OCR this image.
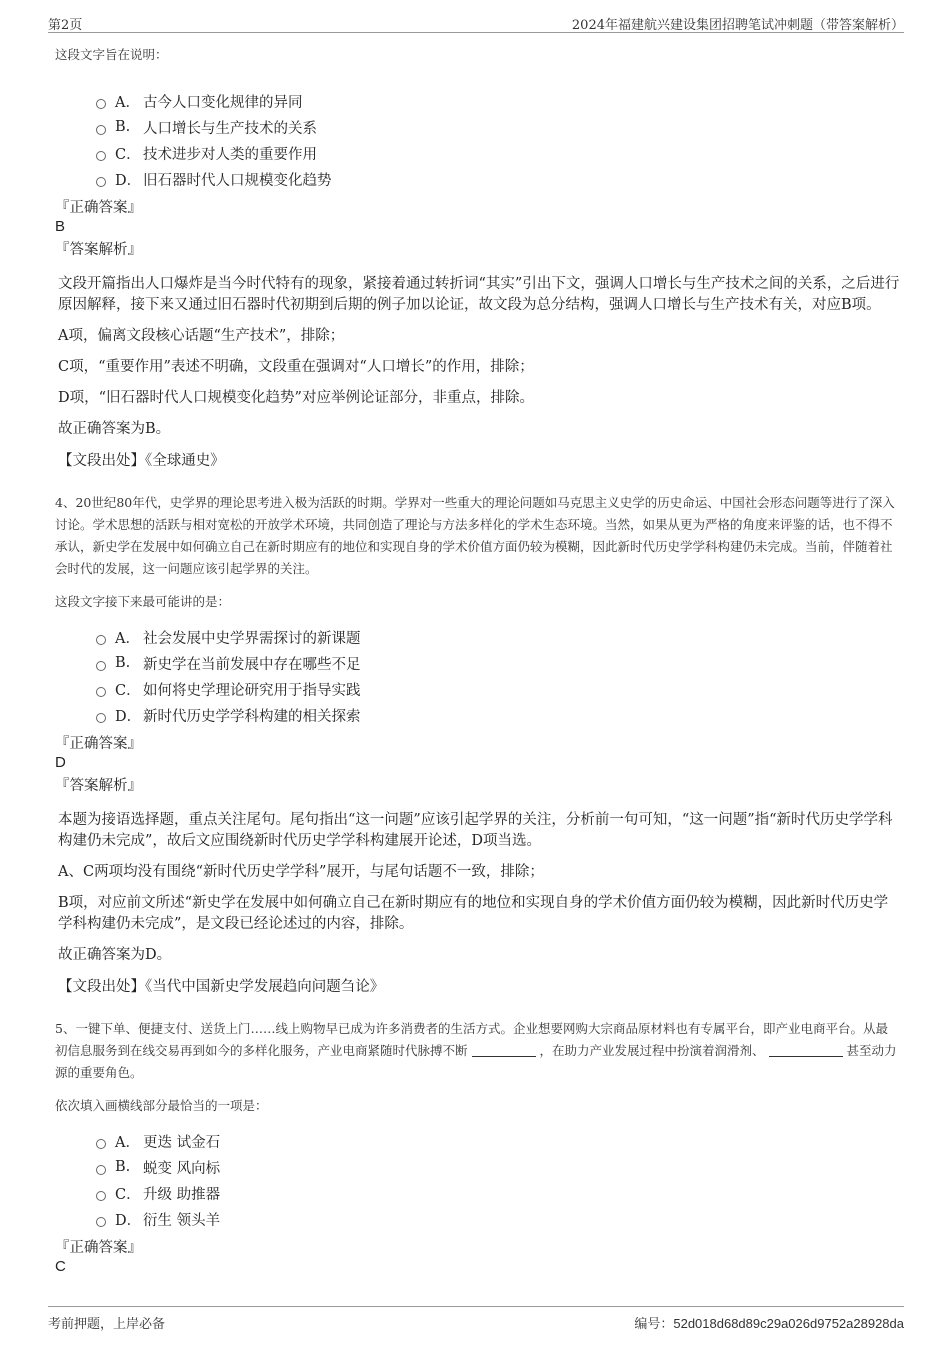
第2页	2024年福建航兴建设集团招聘笔试冲刺题（带答案解析）
这段文字旨在说明：
A． 古今人口变化规律的异同
B. 人口增长与生产技术的关系
C． 技术进步对人类的重要作用
D． 旧石器时代人口规模变化趋势
『正确答案』
B
『答案解析』
文段开篇指出人口爆炸是当今时代特有的现象，紧接着通过转折词“其实”引出下文，强调人口增长与生产技术之间的关系，之后进行原因解释，接下来又通过旧石器时代初期到后期的例子加以论证，故文段为总分结构，强调人口增长与生产技术有关，对应B项。
A项，偏离文段核心话题“生产技术”，排除；
C项，“重要作用”表述不明确，文段重在强调对“人口增长”的作用，排除；
D项，“旧石器时代人口规模变化趋势”对应举例论证部分，非重点，排除。
故正确答案为B。
【文段出处】《全球通史》
4、20世纪80年代，史学界的理论思考进入极为活跃的时期。学界对一些重大的理论问题如马克思主义史学的历史命运、中国社会形态问题等进行了深入讨论。学术思想的活跃与相对宽松的开放学术环境，共同创造了理论与方法多样化的学术生态环境。当然，如果从更为严格的角度来评鉴的话，也不得不承认，新史学在发展中如何确立自己在新时期应有的地位和实现自身的学术价值方面仍较为模糊，因此新时代历史学学科构建仍未完成。当前，伴随着社会时代的发展，这一问题应该引起学界的关注。
这段文字接下来最可能讲的是：
A． 社会发展中史学界需探讨的新课题
B. 新史学在当前发展中存在哪些不足
C． 如何将史学理论研究用于指导实践
D． 新时代历史学学科构建的相关探索
『正确答案』
D
『答案解析』
本题为接语选择题，重点关注尾句。尾句指出“这一问题”应该引起学界的关注，分析前一句可知，“这一问题”指“新时代历史学学科构建仍未完成”，故后文应围绕新时代历史学学科构建展开论述，D项当选。
A、C两项均没有围绕“新时代历史学学科”展开，与尾句话题不一致，排除；
B项，对应前文所述“新史学在发展中如何确立自己在新时期应有的地位和实现自身的学术价值方面仍较为模糊，因此新时代历史学学科构建仍未完成”，是文段已经论述过的内容，排除。
故正确答案为D。
【文段出处】《当代中国新史学发展趋向问题刍论》
5、一键下单、便捷支付、送货上门……线上购物早已成为许多消费者的生活方式。企业想要网购大宗商品原材料也有专属平台，即产业电商平台。从最初信息服务到在线交易再到如今的多样化服务，产业电商紧随时代脉搏不断	，在助力产业发展过程中扮演着润滑剂、	甚至动力源的重要角色。
依次填入画横线部分最恰当的一项是：
A． 更迭 试金石
B. 蜕变 风向标
C． 升级 助推器
D． 衍生 领头羊
『正确答案』
C
考前押题，上岸必备	编号：52d018d68d89c29a026d9752a28928da
